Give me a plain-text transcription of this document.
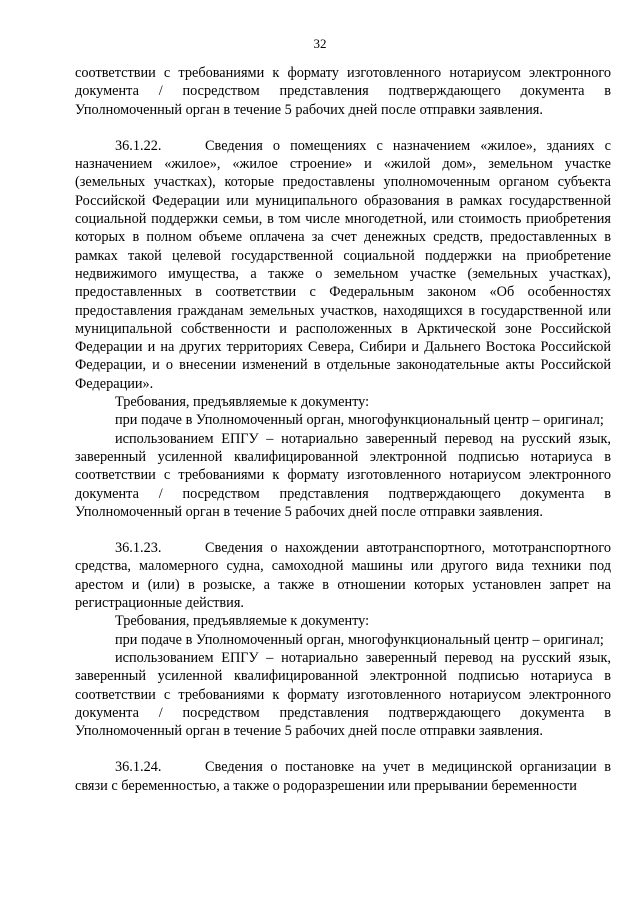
32

соответствии с требованиями к формату изготовленного нотариусом электронного документа / посредством представления подтверждающего документа в Уполномоченный орган в течение 5 рабочих дней после отправки заявления.

36.1.22.	Сведения о помещениях с назначением «жилое», зданиях с назначением «жилое», «жилое строение» и «жилой дом», земельном участке (земельных участках), которые предоставлены уполномоченным органом субъекта Российской Федерации или муниципального образования в рамках государственной социальной поддержки семьи, в том числе многодетной, или стоимость приобретения которых в полном объеме оплачена за счет денежных средств, предоставленных в рамках такой целевой государственной социальной поддержки на приобретение недвижимого имущества, а также о земельном участке (земельных участках), предоставленных в соответствии с Федеральным законом «Об особенностях предоставления гражданам земельных участков, находящихся в государственной или муниципальной собственности и расположенных в Арктической зоне Российской Федерации и на других территориях Севера, Сибири и Дальнего Востока Российской Федерации, и о внесении изменений в отдельные законодательные акты Российской Федерации».

Требования, предъявляемые к документу:

при подаче в Уполномоченный орган, многофункциональный центр – оригинал;

использованием ЕПГУ – нотариально заверенный перевод на русский язык, заверенный усиленной квалифицированной электронной подписью нотариуса в соответствии с требованиями к формату изготовленного нотариусом электронного документа / посредством представления подтверждающего документа в Уполномоченный орган в течение 5 рабочих дней после отправки заявления.

36.1.23.	Сведения о нахождении автотранспортного, мототранспортного средства, маломерного судна, самоходной машины или другого вида техники под арестом и (или) в розыске, а также в отношении которых установлен запрет на регистрационные действия.

Требования, предъявляемые к документу:

при подаче в Уполномоченный орган, многофункциональный центр – оригинал;

использованием ЕПГУ – нотариально заверенный перевод на русский язык, заверенный усиленной квалифицированной электронной подписью нотариуса в соответствии с требованиями к формату изготовленного нотариусом электронного документа / посредством представления подтверждающего документа в Уполномоченный орган в течение 5 рабочих дней после отправки заявления.

36.1.24.	Сведения о постановке на учет в медицинской организации в связи с беременностью, а также о родоразрешении или прерывании беременности
